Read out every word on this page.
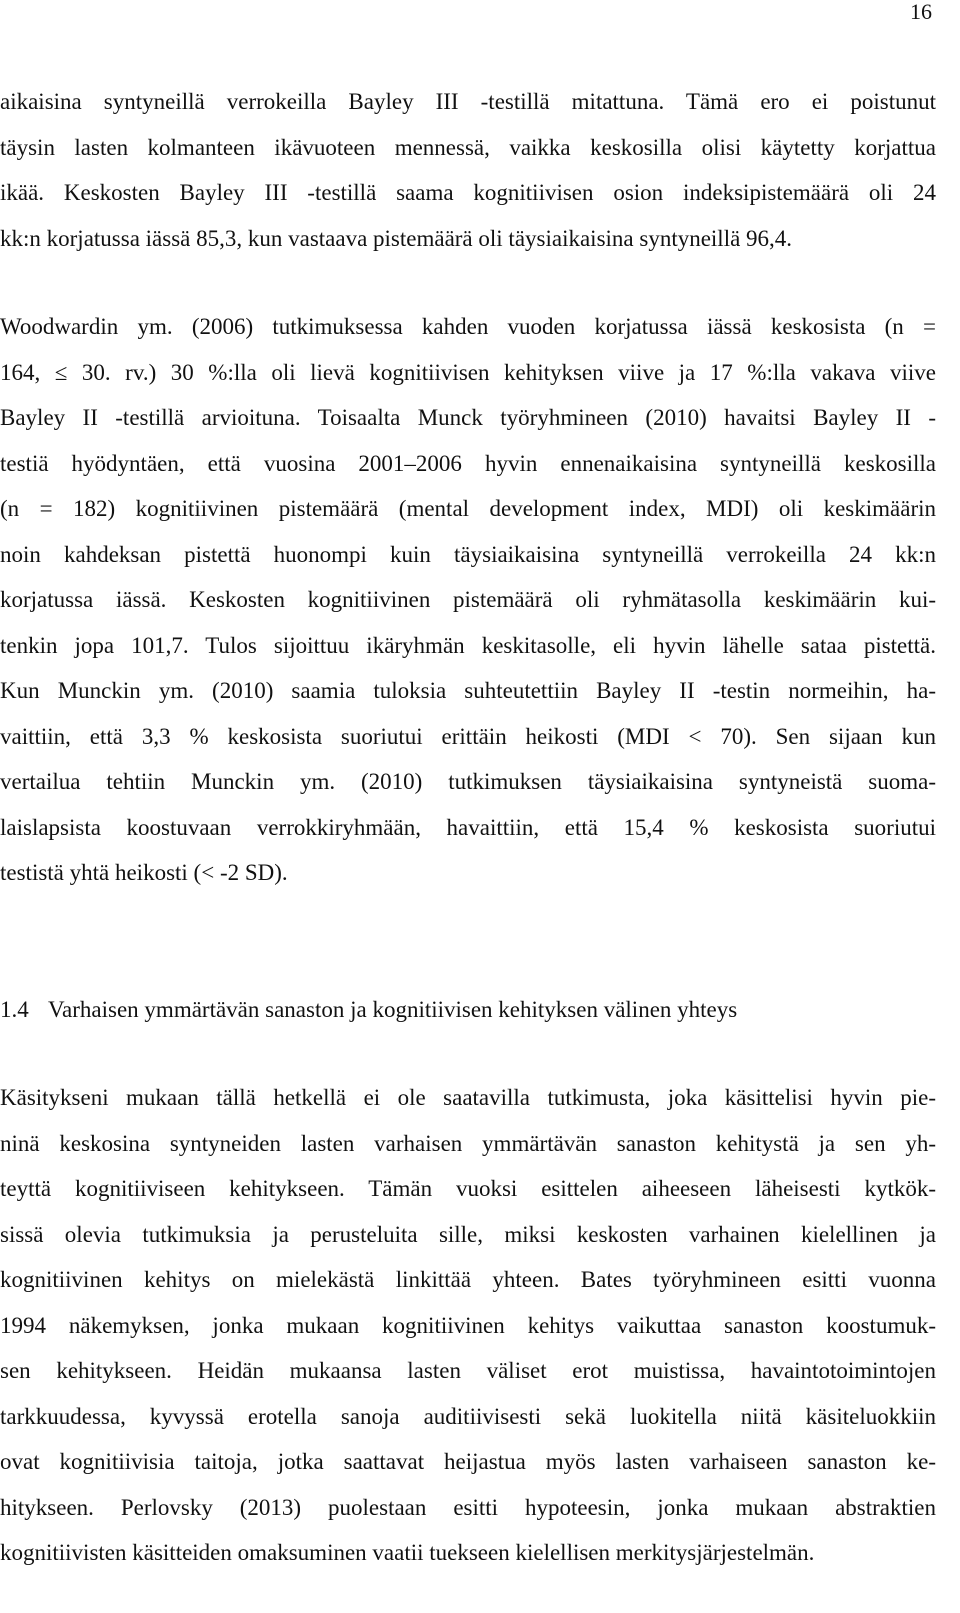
16
aikaisina syntyneillä verrokeilla Bayley III -testillä mitattuna. Tämä ero ei poistunut
täysin lasten kolmanteen ikävuoteen mennessä, vaikka keskosilla olisi käytetty korjattua
ikää. Keskosten Bayley III -testillä saama kognitiivisen osion indeksipistemäärä oli 24
kk:n korjatussa iässä 85,3, kun vastaava pistemäärä oli täysiaikaisina syntyneillä 96,4.
Woodwardin ym. (2006) tutkimuksessa kahden vuoden korjatussa iässä keskosista (n =
164, ≤ 30. rv.) 30 %:lla oli lievä kognitiivisen kehityksen viive ja 17 %:lla vakava viive
Bayley II -testillä arvioituna. Toisaalta Munck työryhmineen (2010) havaitsi Bayley II -
testiä hyödyntäen, että vuosina 2001–2006 hyvin ennenaikaisina syntyneillä keskosilla
(n = 182) kognitiivinen pistemäärä (mental development index, MDI) oli keskimäärin
noin kahdeksan pistettä huonompi kuin täysiaikaisina syntyneillä verrokeilla 24 kk:n
korjatussa iässä. Keskosten kognitiivinen pistemäärä oli ryhmätasolla keskimäärin kui-
tenkin jopa 101,7. Tulos sijoittuu ikäryhmän keskitasolle, eli hyvin lähelle sataa pistettä.
Kun Munckin ym. (2010) saamia tuloksia suhteutettiin Bayley II -testin normeihin, ha-
vaittiin, että 3,3 % keskosista suoriutui erittäin heikosti (MDI < 70). Sen sijaan kun
vertailua tehtiin Munckin ym. (2010) tutkimuksen täysiaikaisina syntyneistä suoma-
laislapsista koostuvaan verrokkiryhmään, havaittiin, että 15,4 % keskosista suoriutui
testistä yhtä heikosti (< -2 SD).
1.4 Varhaisen ymmärtävän sanaston ja kognitiivisen kehityksen välinen yhteys
Käsitykseni mukaan tällä hetkellä ei ole saatavilla tutkimusta, joka käsittelisi hyvin pie-
ninä keskosina syntyneiden lasten varhaisen ymmärtävän sanaston kehitystä ja sen yh-
teyttä kognitiiviseen kehitykseen. Tämän vuoksi esittelen aiheeseen läheisesti kytkök-
sissä olevia tutkimuksia ja perusteluita sille, miksi keskosten varhainen kielellinen ja
kognitiivinen kehitys on mielekästä linkittää yhteen. Bates työryhmineen esitti vuonna
1994 näkemyksen, jonka mukaan kognitiivinen kehitys vaikuttaa sanaston koostumuk-
sen kehitykseen. Heidän mukaansa lasten väliset erot muistissa, havaintotoimintojen
tarkkuudessa, kyvyssä erotella sanoja auditiivisesti sekä luokitella niitä käsiteluokkiin
ovat kognitiivisia taitoja, jotka saattavat heijastua myös lasten varhaiseen sanaston ke-
hitykseen. Perlovsky (2013) puolestaan esitti hypoteesin, jonka mukaan abstraktien
kognitiivisten käsitteiden omaksuminen vaatii tuekseen kielellisen merkitysjärjestelmän.
